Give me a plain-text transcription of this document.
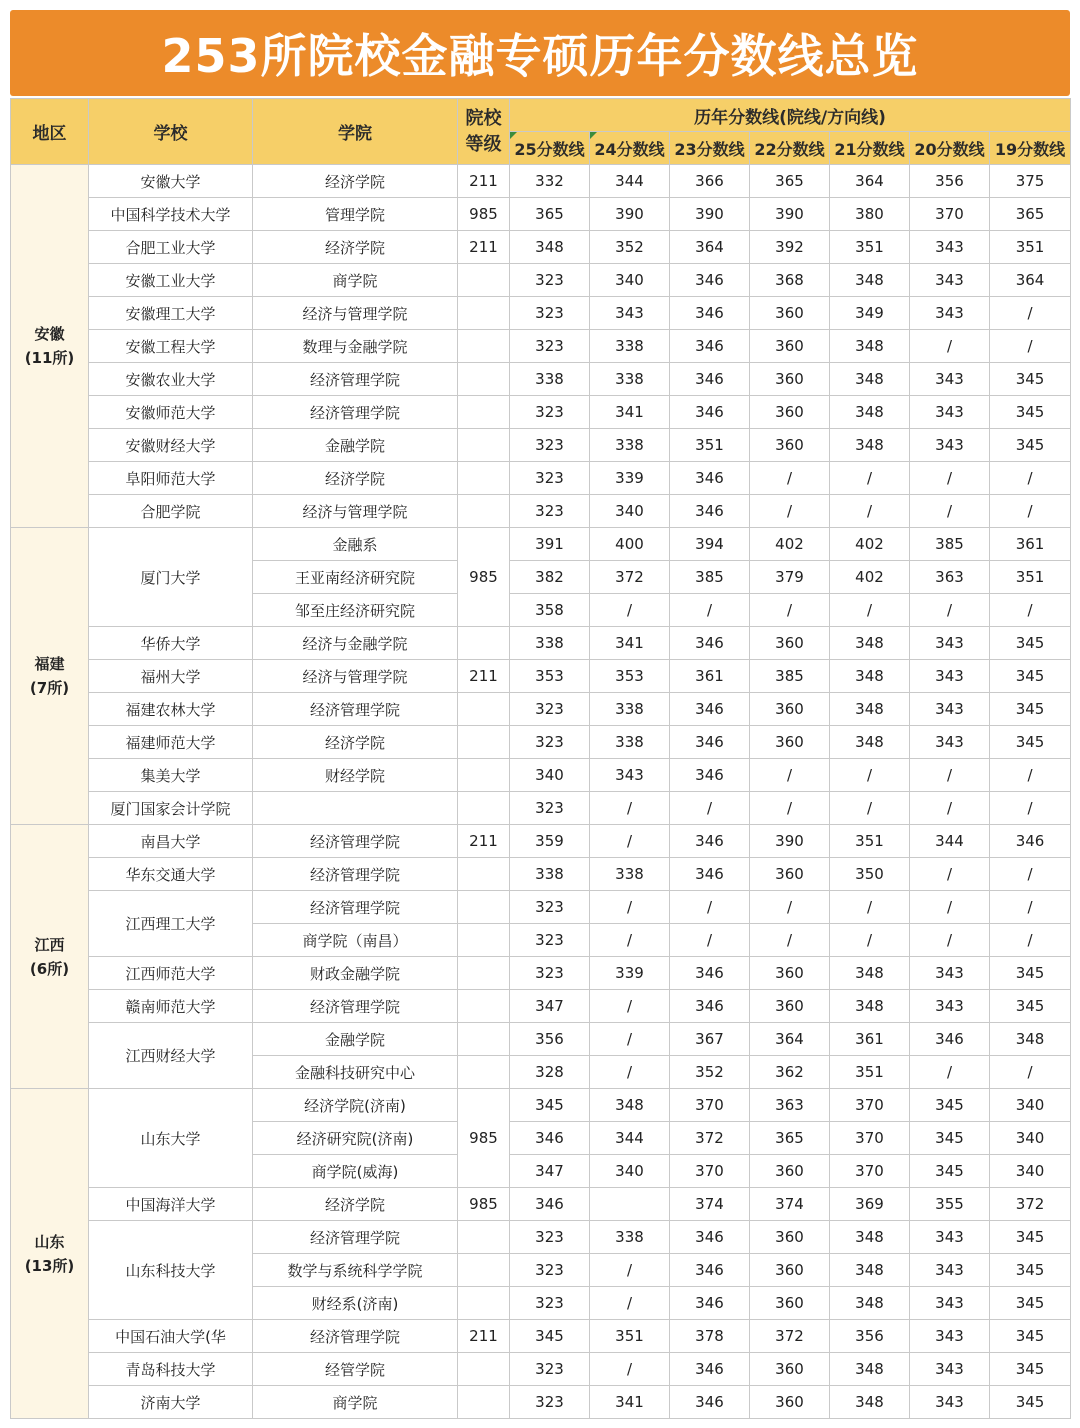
253所院校金融专硕历年分数线总览
地区	学校	学院	院校等级	历年分数线(院线/方向线)						

25分数线	24分数线	23分数线	22分数线	21分数线	20分数线	19分数线

安徽
(11所)	安徽大学	经济学院	211	332	344	366	365	364	356	375
	中国科学技术大学	管理学院	985	365	390	390	390	380	370	365
	合肥工业大学	经济学院	211	348	352	364	392	351	343	351
	安徽工业大学	商学院		323	340	346	368	348	343	364
	安徽理工大学	经济与管理学院		323	343	346	360	349	343	/
	安徽工程大学	数理与金融学院		323	338	346	360	348	/	/
	安徽农业大学	经济管理学院		338	338	346	360	348	343	345
	安徽师范大学	经济管理学院		323	341	346	360	348	343	345
	安徽财经大学	金融学院		323	338	351	360	348	343	345
	阜阳师范大学	经济学院		323	339	346	/	/	/	/
	合肥学院	经济与管理学院		323	340	346	/	/	/	/

福建
(7所)	厦门大学	金融系	985	391	400	394	402	402	385	361
		王亚南经济研究院		382	372	385	379	402	363	351
		邹至庄经济研究院		358	/	/	/	/	/	/
	华侨大学	经济与金融学院		338	341	346	360	348	343	345
	福州大学	经济与管理学院	211	353	353	361	385	348	343	345
	福建农林大学	经济管理学院		323	338	346	360	348	343	345
	福建师范大学	经济学院		323	338	346	360	348	343	345
	集美大学	财经学院		340	343	346	/	/	/	/
	厦门国家会计学院			323	/	/	/	/	/	/

江西
(6所)	南昌大学	经济管理学院	211	359	/	346	390	351	344	346
	华东交通大学	经济管理学院		338	338	346	360	350	/	/
	江西理工大学	经济管理学院		323	/	/	/	/	/	/
		商学院（南昌）		323	/	/	/	/	/	/
	江西师范大学	财政金融学院		323	339	346	360	348	343	345
	赣南师范大学	经济管理学院		347	/	346	360	348	343	345
	江西财经大学	金融学院		356	/	367	364	361	346	348
		金融科技研究中心		328	/	352	362	351	/	/

山东
(13所)	山东大学	经济学院(济南)	985	345	348	370	363	370	345	340
		经济研究院(济南)		346	344	372	365	370	345	340
		商学院(威海)		347	340	370	360	370	345	340
	中国海洋大学	经济学院	985	346		374	374	369	355	372
	山东科技大学	经济管理学院		323	338	346	360	348	343	345
		数学与系统科学学院		323	/	346	360	348	343	345
		财经系(济南)		323	/	346	360	348	343	345
	中国石油大学(华	经济管理学院	211	345	351	378	372	356	343	345
	青岛科技大学	经管学院		323	/	346	360	348	343	345
	济南大学	商学院		323	341	346	360	348	343	345
